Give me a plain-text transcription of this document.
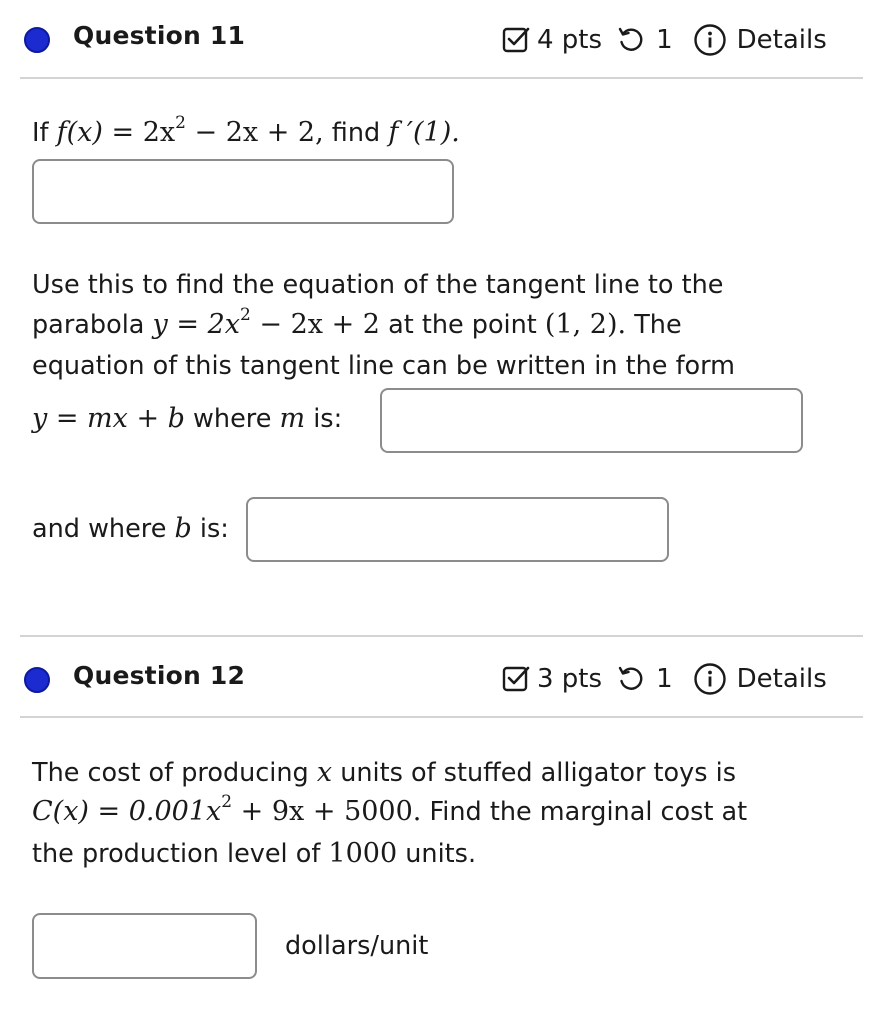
Question 11	4 pts 1 Details
If $f(x) = 2x^2 - 2x + 2$, find f ′(1).
Use this to find the equation of the tangent line to the
parabola $y = 2x^2 - 2x + 2$ at the point (1, 2). The
equation of this tangent line can be written in the form
y = mx + b where m is:
and where b is:
Question 12	3 pts 1 Details
The cost of producing x units of stuffed alligator toys is
$C(x) = 0.001x^2 + 9x + 5000$. Find the marginal cost at
the production level of 1000 units.
dollars/unit
